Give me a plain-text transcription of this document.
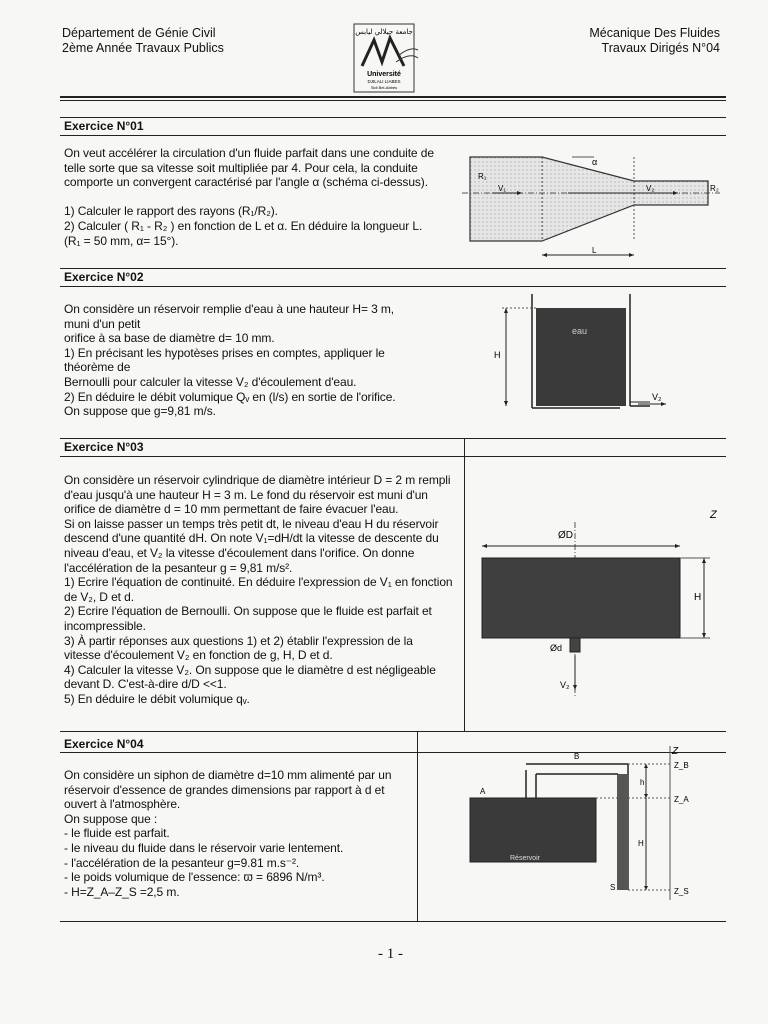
Département de Génie Civil
2ème Année Travaux Publics
جامعة جيلالي ليابس
Université
DJILALI LIABES
Sidi Bel-Abbès
Mécanique Des Fluides
Travaux Dirigés N°04
Exercice N°01
On veut accélérer la circulation d'un fluide parfait dans une conduite de
telle sorte que sa vitesse soit multipliée par 4. Pour cela, la conduite
comporte un convergent caractérisé par l'angle α (schéma ci-dessus).

1) Calculer le rapport des rayons (R₁/R₂).
2) Calculer ( R₁ - R₂ ) en fonction de L et α. En déduire la longueur L.
(R₁ = 50 mm, α= 15°).
R₁
V₁	V₂	R₂
α
L
Exercice N°02
On considère un réservoir remplie d'eau à une hauteur H= 3 m,
muni d'un petit
orifice à sa base de diamètre d= 10 mm.
1) En précisant les hypotèses prises en comptes, appliquer le
théorème de
Bernoulli pour calculer la vitesse V₂ d'écoulement d'eau.
2) En déduire le débit volumique Qᵥ en (l/s) en sortie de l'orifice.
On suppose que g=9,81 m/s.
eau
H
V₂
Exercice N°03
On considère un réservoir cylindrique de diamètre intérieur D = 2 m rempli
d'eau jusqu'à une hauteur H = 3 m. Le fond du réservoir est muni d'un
orifice de diamètre d = 10 mm permettant de faire évacuer l'eau.
Si on laisse passer un temps très petit dt, le niveau d'eau H du réservoir
descend d'une quantité dH. On note V₁=dH/dt la vitesse de descente du
niveau d'eau, et V₂ la vitesse d'écoulement dans l'orifice. On donne
l'accélération de la pesanteur g = 9,81 m/s².
1) Ecrire l'équation de continuité. En déduire l'expression de V₁ en fonction
de V₂, D et d.
2) Ecrire l'équation de Bernoulli. On suppose que le fluide est parfait et
incompressible.
3) À partir réponses aux questions 1) et 2) établir l'expression de la
vitesse d'écoulement V₂ en fonction de g, H, D et d.
4) Calculer la vitesse V₂. On suppose que le diamètre d est négligeable
devant D. C'est-à-dire d/D <<1.
5) En déduire le débit volumique qᵥ.
Z
ØD
H
Ød
V₂
Exercice N°04
On considère un siphon de diamètre d=10 mm alimenté par un
réservoir d'essence de grandes dimensions par rapport à d et
ouvert à l'atmosphère.
On suppose que :
- le fluide est parfait.
- le niveau du fluide dans le réservoir varie lentement.
- l'accélération de la pesanteur g=9.81 m.s⁻².
- le poids volumique de l'essence: ϖ = 6896 N/m³.
- H=Z_A–Z_S =2,5 m.
Z
B
A
Réservoir
S
Z_B
Z_A
Z_S
h
H
- 1 -
